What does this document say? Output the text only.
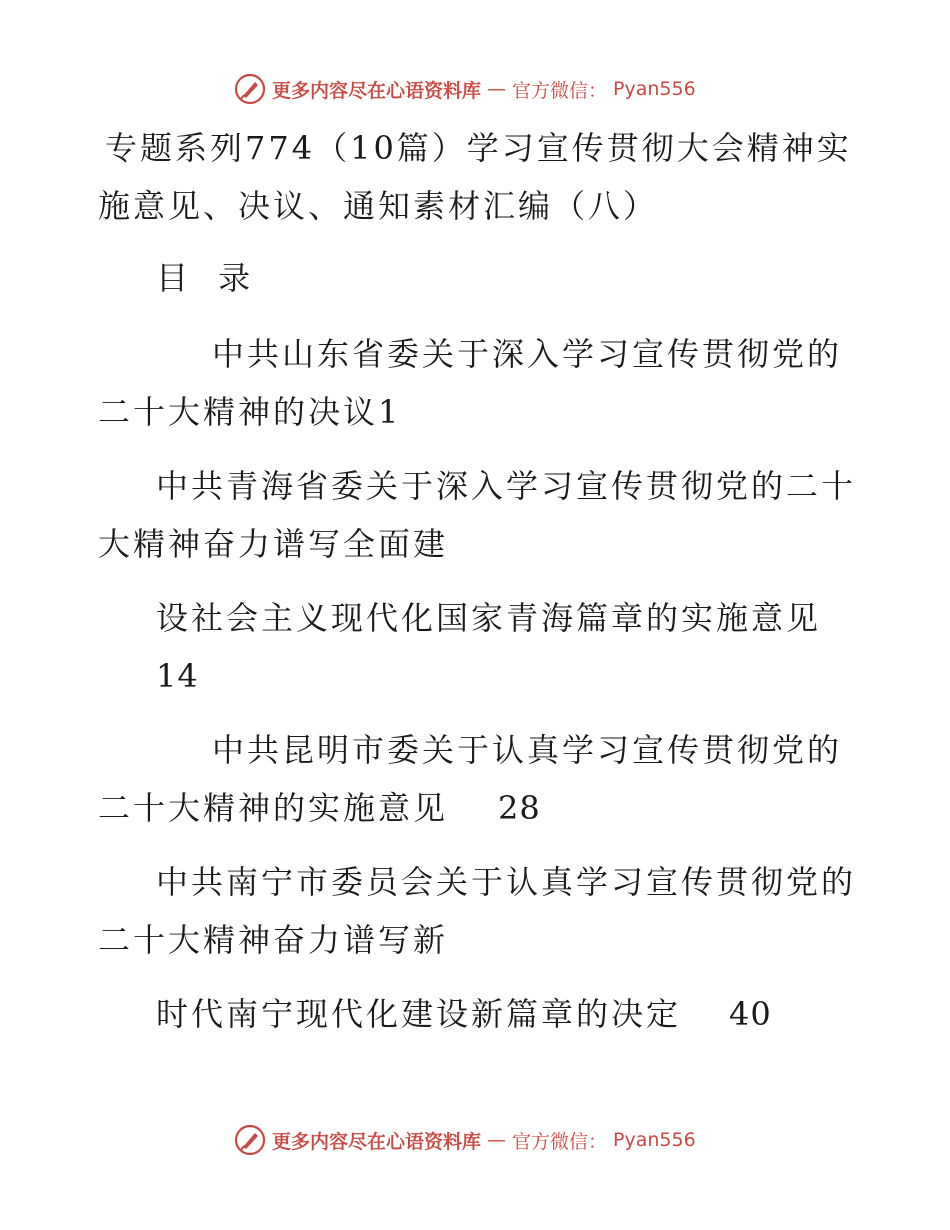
更多内容尽在心语资料库 — 官方微信： Pyan556
专题系列774（10篇）学习宣传贯彻大会精神实
施意见、决议、通知素材汇编（八）
目 录
中共山东省委关于深入学习宣传贯彻党的
二十大精神的决议1
中共青海省委关于深入学习宣传贯彻党的二十
大精神奋力谱写全面建
设社会主义现代化国家青海篇章的实施意见
14
中共昆明市委关于认真学习宣传贯彻党的
二十大精神的实施意见 28
中共南宁市委员会关于认真学习宣传贯彻党的
二十大精神奋力谱写新
时代南宁现代化建设新篇章的决定 40
更多内容尽在心语资料库 — 官方微信： Pyan556
